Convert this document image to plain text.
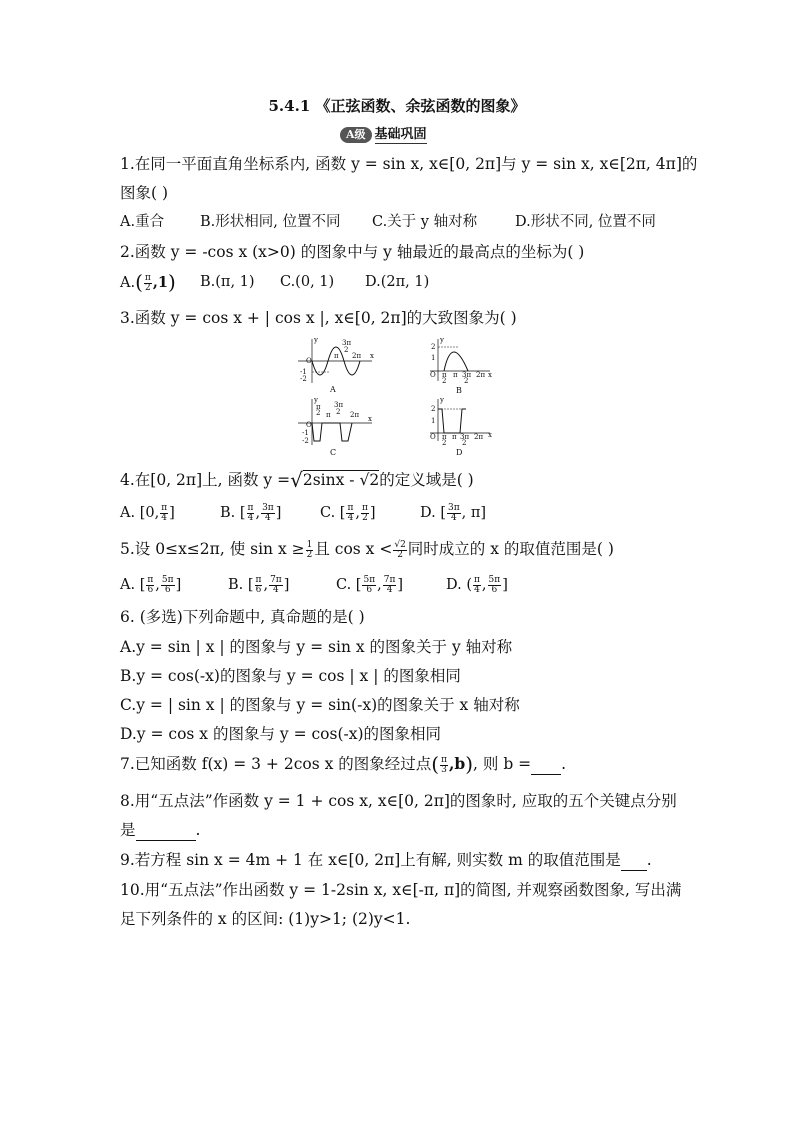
5.4.1 《正弦函数、余弦函数的图象》
A级 基础巩固
1.在同一平面直角坐标系内, 函数 y = sin x, x∈[0, 2π]与 y = sin x, x∈[2π, 4π]的
图象( )
A.重合 B.形状相同, 位置不同 C.关于 y 轴对称	D.形状不同, 位置不同
2.函数 y = -cos x (x>0) 的图象中与 y 轴最近的最高点的坐标为( )
$A.( \frac{\pi}{2} ,1)$ B.(π, 1) C.(0, 1) D.(2π, 1)
3.函数 y = cos x + | cos x |, x∈[0, 2π]的大致图象为( )
O
-1
-2
y
x
3π
2
π 2π
A
y
2
1
O	x
π
2
π 3π
2
2π
B
y
O
-1
-2
π
2 π
3π
2 2π x
C
y
2
1
O π
2
π 3π
2
2π x
D
4.在[0, 2π]上, 函数 y =√2sinx - √2的定义域是( )
A. [0, $\frac{\pi}{4}$ ]	B. [ $\frac{\pi}{4}$ , $\frac{3\pi}{4}$ ]	C. [ $\frac{\pi}{4}$ , $\frac{\pi}{2}$ ]	D. [ $\frac{3\pi}{4}$ , π]
5.设 0≤x≤2π, 使 $\sin x \ge \frac{1}{2}$ 且 $\cos x < \frac{√2}{2}$ 同时成立的 x 的取值范围是( )
A. [ $\frac{\pi}{6}$ , $\frac{5\pi}{6}$ ]	B. [ $\frac{\pi}{6}$ , $\frac{7\pi}{4}$ ]	C. [ $\frac{5\pi}{6}$ , $\frac{7\pi}{4}$ ]	D. ( $\frac{\pi}{4}$ , $\frac{5\pi}{6}$ ]
6. (多选)下列命题中, 真命题的是( )
A.y = sin | x | 的图象与 y = sin x 的图象关于 y 轴对称
B.y = cos(-x)的图象与 y = cos | x | 的图象相同
C.y = | sin x | 的图象与 y = sin(-x)的图象关于 x 轴对称
D.y = cos x 的图象与 y = cos(-x)的图象相同
7.已知函数 f(x) = 3 + 2cos x 的图象经过点( $\frac{\pi}{3} ,b$), 则 b = .
8.用“五点法”作函数 y = 1 + cos x, x∈[0, 2π]的图象时, 应取的五个关键点分别
是	.
9.若方程 sin x = 4m + 1 在 x∈[0, 2π]上有解, 则实数 m 的取值范围是 .
10.用“五点法”作出函数 y = 1-2sin x, x∈[-π, π]的简图, 并观察函数图象, 写出满
足下列条件的 x 的区间: (1)y>1; (2)y<1.
